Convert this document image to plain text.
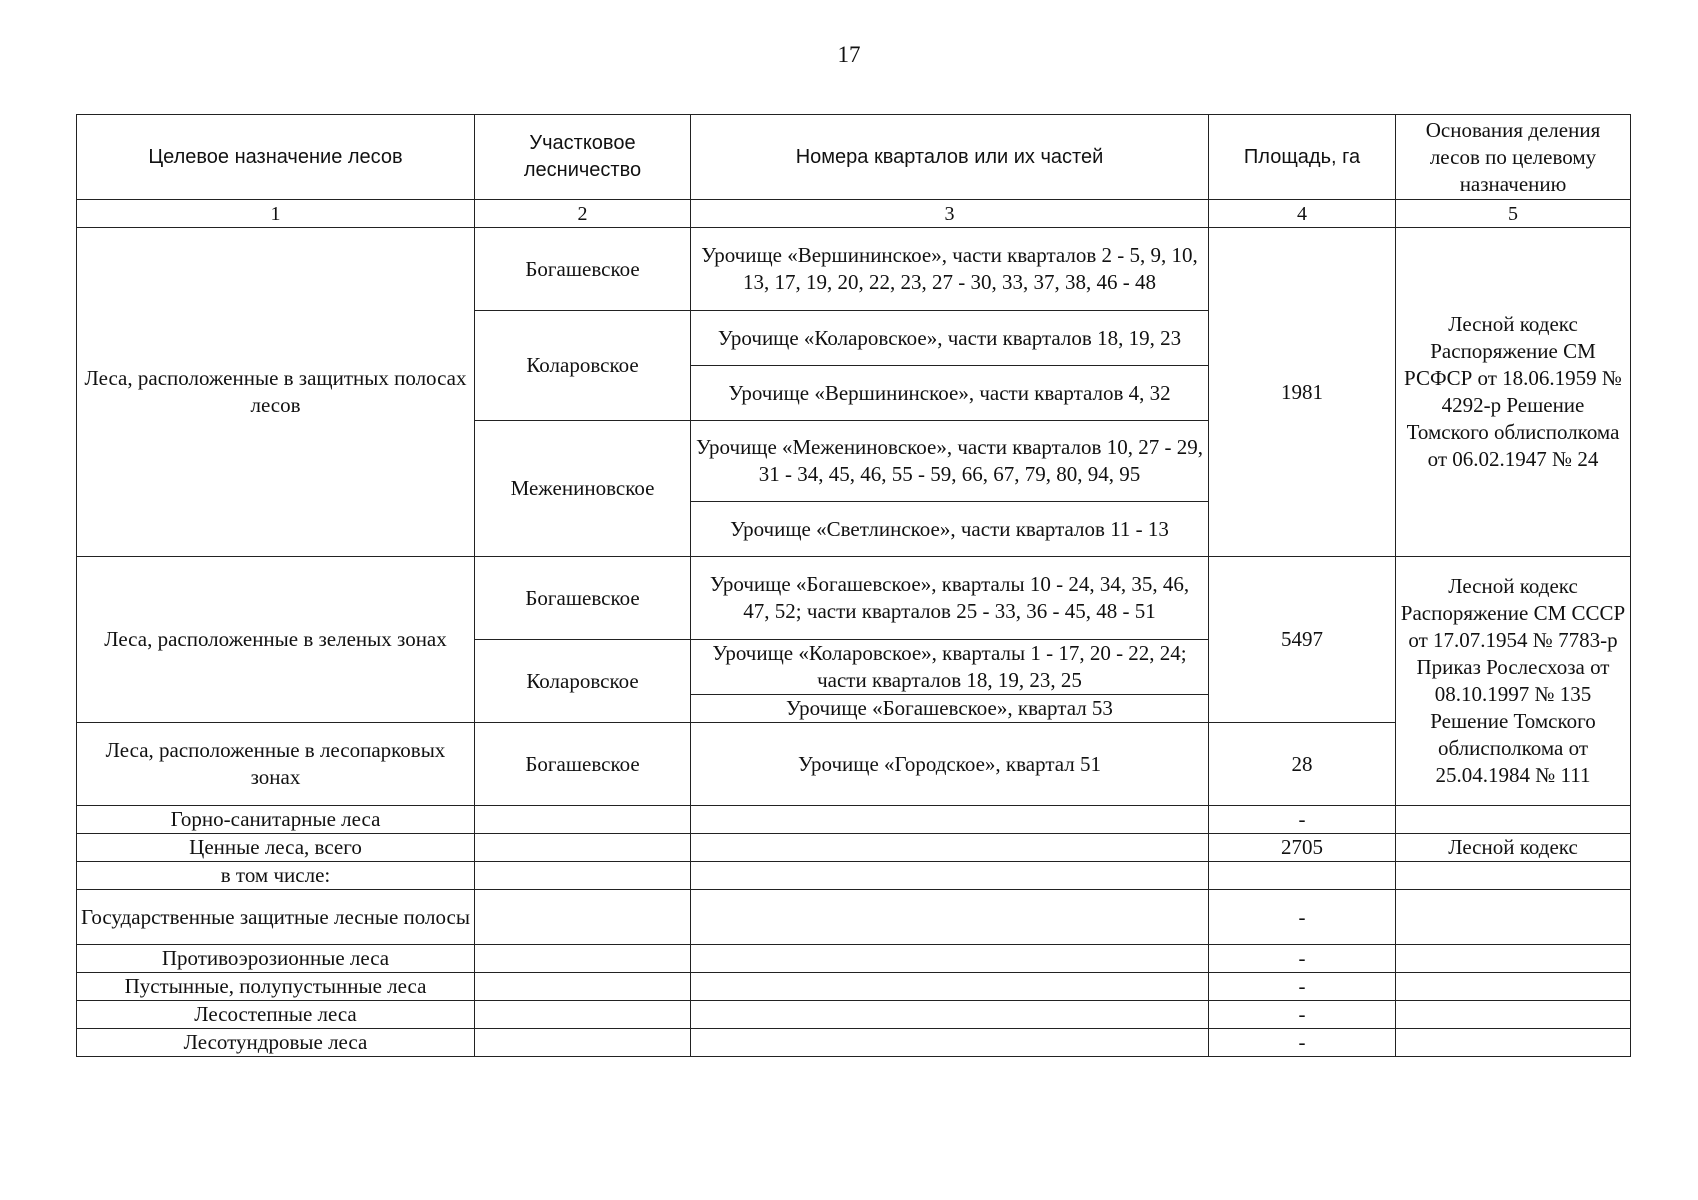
17
Целевое назначение лесов	Участковое лесничество	Номера кварталов или их частей	Площадь, га	Основания деления лесов по целевому назначению
1	2	3	4	5
Леса, расположенные в защитных полосах лесов	Богашевское	Урочище «Вершининское», части кварталов 2 - 5, 9, 10, 13, 17, 19, 20, 22, 23, 27 - 30, 33, 37, 38, 46 - 48	1981	Лесной кодекс Распоряжение СМ РСФСР от 18.06.1959 № 4292-р Решение Томского облисполкома от 06.02.1947 № 24
	Коларовское	Урочище «Коларовское», части кварталов 18, 19, 23		
		Урочище «Вершининское», части кварталов 4, 32		
	Межениновское	Урочище «Межениновское», части кварталов 10, 27 - 29, 31 - 34, 45, 46, 55 - 59, 66, 67, 79, 80, 94, 95		
		Урочище «Светлинское», части кварталов 11 - 13		
Леса, расположенные в зеленых зонах	Богашевское	Урочище «Богашевское», кварталы 10 - 24, 34, 35, 46, 47, 52; части кварталов 25 - 33, 36 - 45, 48 - 51	5497	Лесной кодекс Распоряжение СМ СССР от 17.07.1954 № 7783-р Приказ Рослесхоза от 08.10.1997 № 135 Решение Томского облисполкома от 25.04.1984 № 111
	Коларовское	Урочище «Коларовское», кварталы 1 - 17, 20 - 22, 24; части кварталов 18, 19, 23, 25		
		Урочище «Богашевское», квартал 53		
Леса, расположенные в лесопарковых зонах	Богашевское	Урочище «Городское», квартал 51	28	
Горно-санитарные леса			-	
Ценные леса, всего			2705	Лесной кодекс
в том числе:				
Государственные защитные лесные полосы			-	
Противоэрозионные леса			-	
Пустынные, полупустынные леса			-	
Лесостепные леса			-	
Лесотундровые леса			-	
